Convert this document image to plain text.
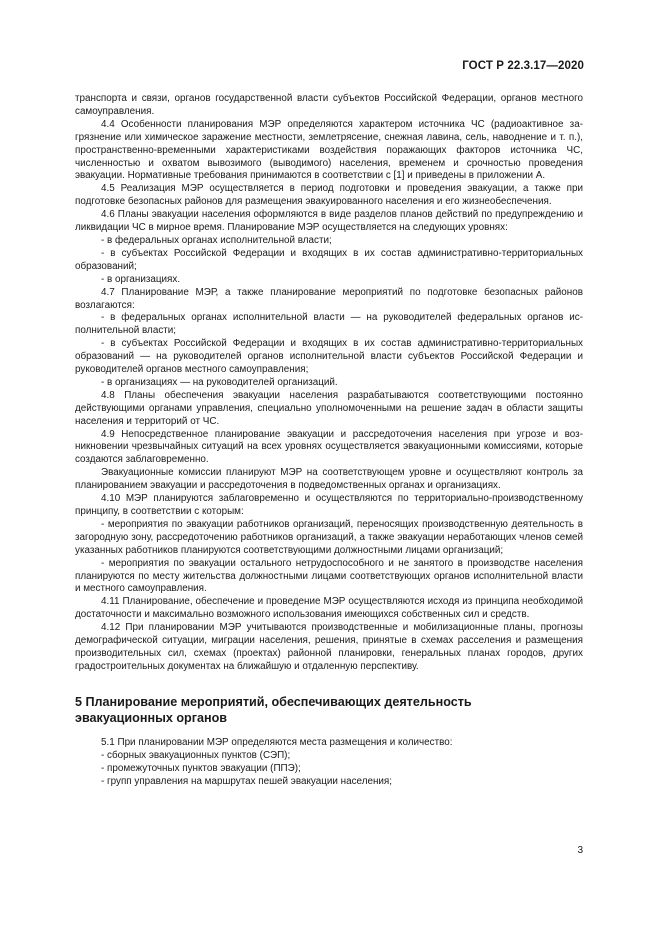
ГОСТ Р 22.3.17—2020

транспорта и связи, органов государственной власти субъектов Российской Федерации, органов местного самоуправления.

4.4 Особенности планирования МЭР определяются характером источника ЧС (радиоактивное загрязнение или химическое заражение местности, землетрясение, снежная лавина, сель, наводнение и т. п.), пространственно-временными характеристиками воздействия поражающих факторов источника ЧС, численностью и охватом вывозимого (выводимого) населения, временем и срочностью проведения эвакуации. Нормативные требования принимаются в соответствии с [1] и приведены в приложении А.

4.5 Реализация МЭР осуществляется в период подготовки и проведения эвакуации, а также при подготовке безопасных районов для размещения эвакуированного населения и его жизнеобеспечения.

4.6 Планы эвакуации населения оформляются в виде разделов планов действий по предупреждению и ликвидации ЧС в мирное время. Планирование МЭР осуществляется на следующих уровнях:

- в федеральных органах исполнительной власти;

- в субъектах Российской Федерации и входящих в их состав административно-территориальных образований;

- в организациях.

4.7 Планирование МЭР, а также планирование мероприятий по подготовке безопасных районов возлагаются:

- в федеральных органах исполнительной власти — на руководителей федеральных органов исполнительной власти;

- в субъектах Российской Федерации и входящих в их состав административно-территориальных образований — на руководителей органов исполнительной власти субъектов Российской Федерации и руководителей органов местного самоуправления;

- в организациях — на руководителей организаций.

4.8 Планы обеспечения эвакуации населения разрабатываются соответствующими постоянно действующими органами управления, специально уполномоченными на решение задач в области защиты населения и территорий от ЧС.

4.9 Непосредственное планирование эвакуации и рассредоточения населения при угрозе и возникновении чрезвычайных ситуаций на всех уровнях осуществляется эвакуационными комиссиями, которые создаются заблаговременно.

Эвакуационные комиссии планируют МЭР на соответствующем уровне и осуществляют контроль за планированием эвакуации и рассредоточения в подведомственных органах и организациях.

4.10 МЭР планируются заблаговременно и осуществляются по территориально-производственному принципу, в соответствии с которым:

- мероприятия по эвакуации работников организаций, переносящих производственную деятельность в загородную зону, рассредоточению работников организаций, а также эвакуации неработающих членов семей указанных работников планируются соответствующими должностными лицами организаций;

- мероприятия по эвакуации остального нетрудоспособного и не занятого в производстве населения планируются по месту жительства должностными лицами соответствующих органов исполнительной власти и местного самоуправления.

4.11 Планирование, обеспечение и проведение МЭР осуществляются исходя из принципа необходимой достаточности и максимально возможного использования имеющихся собственных сил и средств.

4.12 При планировании МЭР учитываются производственные и мобилизационные планы, прогнозы демографической ситуации, миграции населения, решения, принятые в схемах расселения и размещения производительных сил, схемах (проектах) районной планировки, генеральных планах городов, других градостроительных документах на ближайшую и отдаленную перспективу.

5 Планирование мероприятий, обеспечивающих деятельность эвакуационных органов

5.1 При планировании МЭР определяются места размещения и количество:

- сборных эвакуационных пунктов (СЭП);

- промежуточных пунктов эвакуации (ППЭ);

- групп управления на маршрутах пешей эвакуации населения;

3
